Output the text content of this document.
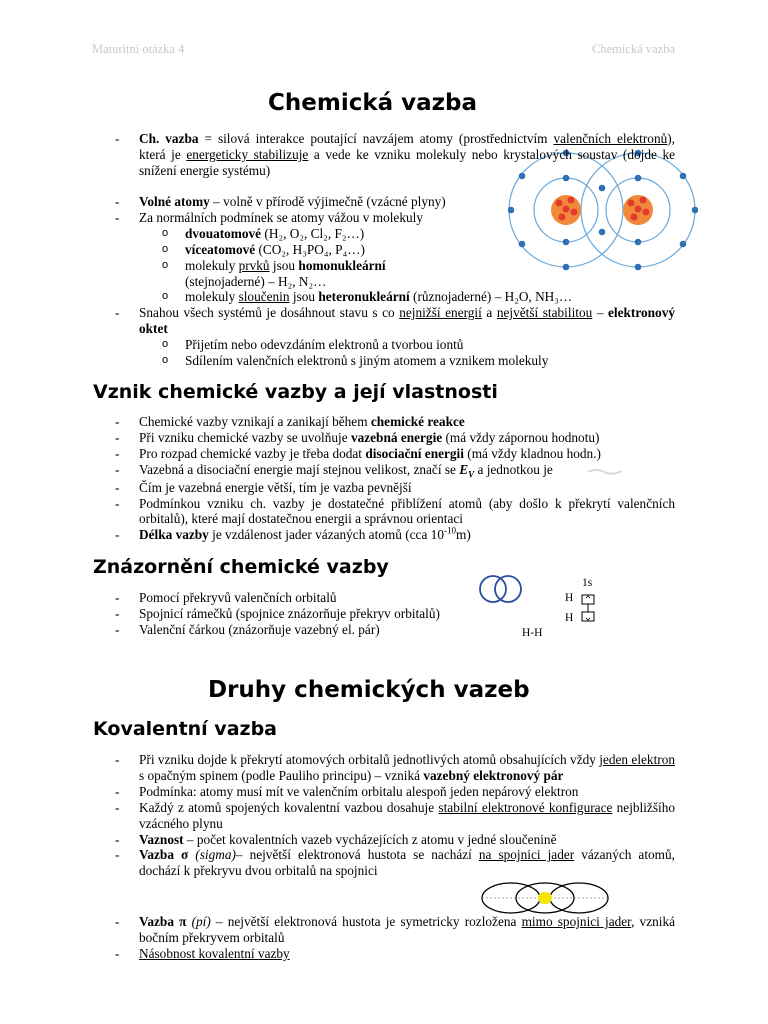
Maturitní otázka 4	Chemická vazba
Chemická vazba
- Ch. vazba = silová interakce poutající navzájem atomy (prostřednictvím valenčních elektronů), která je energeticky stabilizuje a vede ke vzniku molekuly nebo krystalových soustav (dojde ke snížení energie systému)
- Volné atomy – volně v přírodě výjimečně (vzácné plyny)
- Za normálních podmínek se atomy vážou v molekuly
o dvouatomové (H₂, O₂, Cl₂, F₂…)
o víceatomové (CO₂, H₃PO₄, P₄…)
o molekuly prvků jsou homonukleární (stejnojaderné) – H₂, N₂…
o molekuly sloučenin jsou heteronukleární (různojaderné) – H₂O, NH₃…
- Snahou všech systémů je dosáhnout stavu s co nejnižší energií a největší stabilitou – elektronový oktet
o Přijetím nebo odevzdáním elektronů a tvorbou iontů
o Sdílením valenčních elektronů s jiným atomem a vznikem molekuly
Vznik chemické vazby a její vlastnosti
- Chemické vazby vznikají a zanikají během chemické reakce
- Při vzniku chemické vazby se uvolňuje vazebná energie (má vždy zápornou hodnotu)
- Pro rozpad chemické vazby je třeba dodat disociační energii (má vždy kladnou hodn.)
- Vazebná a disociační energie mají stejnou velikost, značí se $E_V$ a jednotkou je
- Čím je vazebná energie větší, tím je vazba pevnější
- Podmínkou vzniku ch. vazby je dostatečné přiblížení atomů (aby došlo k překrytí valenčních orbitalů), které mají dostatečnou energii a správnou orientaci
- Délka vazby je vzdálenost jader vázaných atomů (cca $10^{-10}m$)
Znázornění chemické vazby
- Pomocí překryvů valenčních orbitalů
- Spojnicí rámečků (spojnice znázorňuje překryv orbitalů)
- Valenční čárkou (znázorňuje vazebný el. pár)
1s
H
H
H-H
Druhy chemických vazeb
Kovalentní vazba
- Při vzniku dojde k překrytí atomových orbitalů jednotlivých atomů obsahujících vždy jeden elektron s opačným spinem (podle Pauliho principu) – vzniká vazebný elektronový pár
- Podmínka: atomy musí mít ve valenčním orbitalu alespoň jeden nepárový elektron
- Každý z atomů spojených kovalentní vazbou dosahuje stabilní elektronové konfigurace nejbližšího vzácného plynu
- Vaznost – počet kovalentních vazeb vycházejících z atomu v jedné sloučenině
- Vazba σ (sigma)– největší elektronová hustota se nachází na spojnici jader vázaných atomů, dochází k překryvu dvou orbitalů na spojnici
- Vazba π (pí) – největší elektronová hustota je symetricky rozložena mimo spojnici jader, vzniká bočním překryvem orbitalů
- Násobnost kovalentní vazby
